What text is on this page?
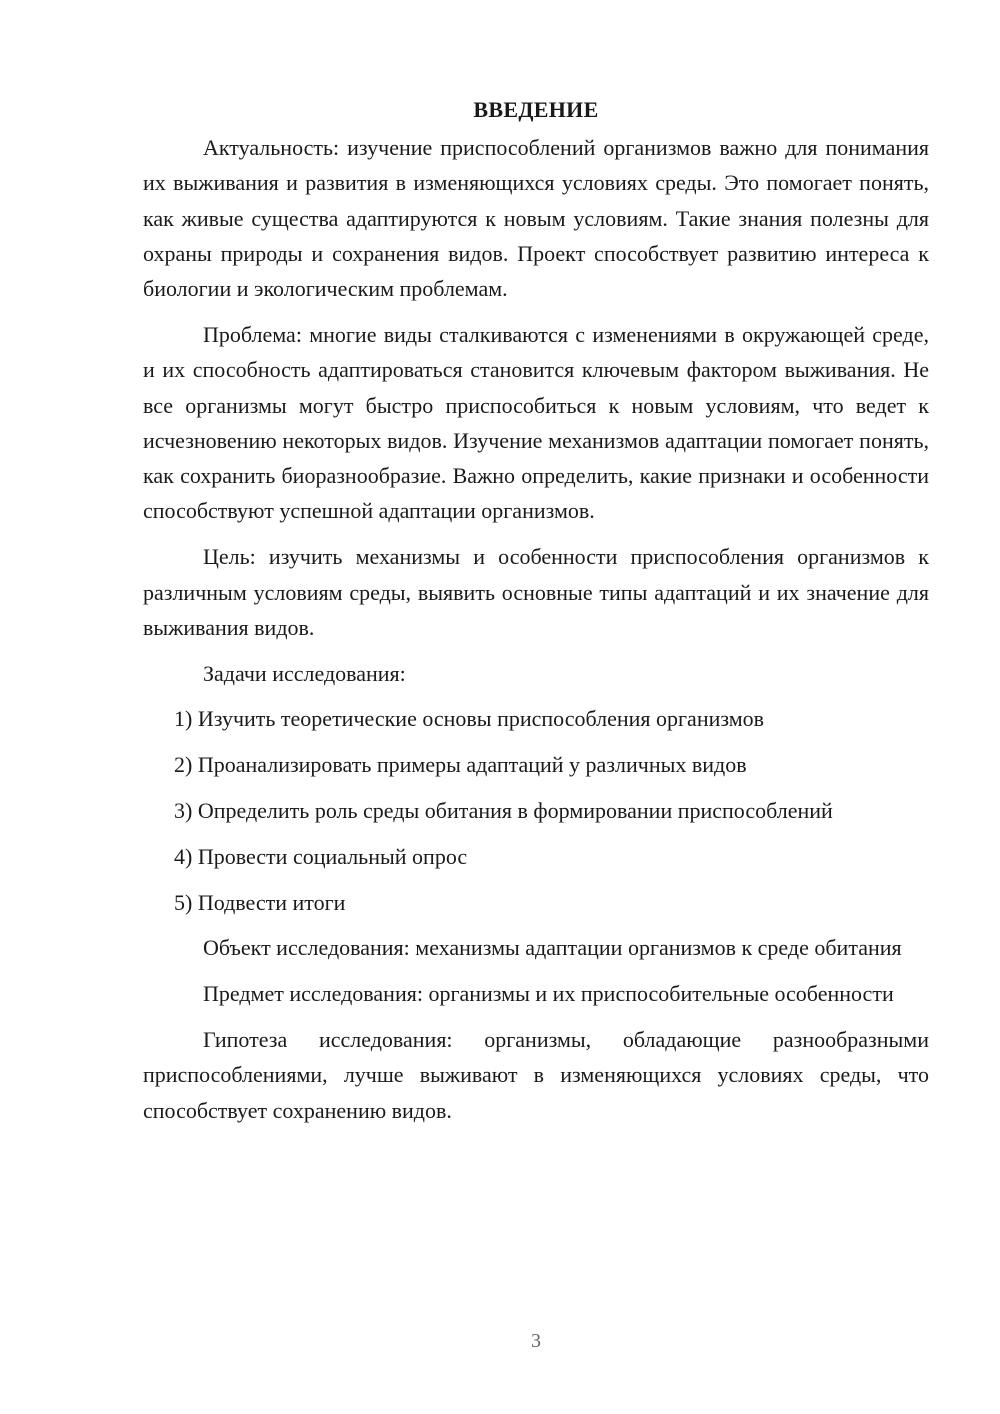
ВВЕДЕНИЕ

Актуальность: изучение приспособлений организмов важно для понимания их выживания и развития в изменяющихся условиях среды. Это помогает понять, как живые существа адаптируются к новым условиям. Такие знания полезны для охраны природы и сохранения видов. Проект способствует развитию интереса к биологии и экологическим проблемам.

Проблема: многие виды сталкиваются с изменениями в окружающей среде, и их способность адаптироваться становится ключевым фактором выживания. Не все организмы могут быстро приспособиться к новым условиям, что ведет к исчезновению некоторых видов. Изучение механизмов адаптации помогает понять, как сохранить биоразнообразие. Важно определить, какие признаки и особенности способствуют успешной адаптации организмов.

Цель: изучить механизмы и особенности приспособления организмов к различным условиям среды, выявить основные типы адаптаций и их значение для выживания видов.

Задачи исследования:
1) Изучить теоретические основы приспособления организмов
2) Проанализировать примеры адаптаций у различных видов
3) Определить роль среды обитания в формировании приспособлений
4) Провести социальный опрос
5) Подвести итоги

Объект исследования: механизмы адаптации организмов к среде обитания

Предмет исследования: организмы и их приспособительные особенности

Гипотеза исследования: организмы, обладающие разнообразными приспособлениями, лучше выживают в изменяющихся условиях среды, что способствует сохранению видов.

3
